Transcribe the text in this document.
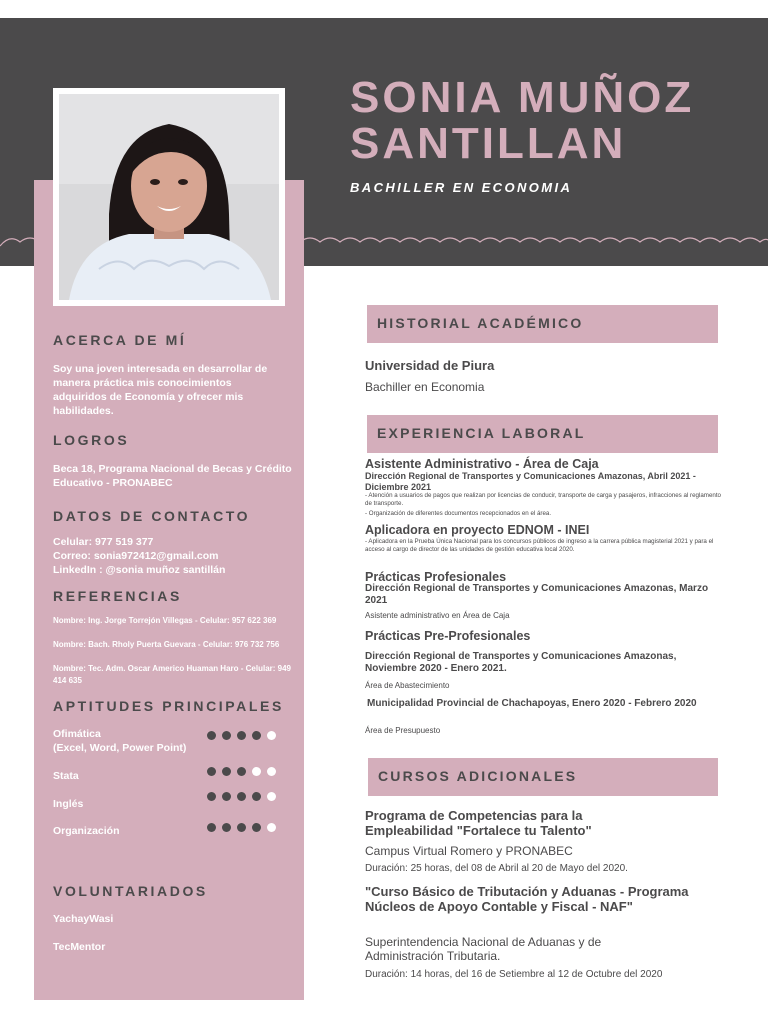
SONIA MUÑOZ
SANTILLAN
BACHILLER EN ECONOMIA
ACERCA DE MÍ
Soy una joven interesada en desarrollar de manera práctica mis conocimientos adquiridos de Economía y ofrecer mis habilidades.
LOGROS
Beca 18, Programa Nacional de Becas y Crédito Educativo - PRONABEC
DATOS DE CONTACTO
Celular: 977 519 377
Correo: sonia972412@gmail.com
LinkedIn : @sonia muñoz santillán
REFERENCIAS
Nombre: Ing. Jorge Torrejón Villegas - Celular: 957 622 369
Nombre: Bach. Rholy Puerta Guevara - Celular: 976 732 756
Nombre: Tec. Adm. Oscar Americo Huaman Haro - Celular: 949 414 635
APTITUDES PRINCIPALES
Ofimática
(Excel, Word, Power Point)
Stata
Inglés
Organización
VOLUNTARIADOS
YachayWasi
TecMentor
HISTORIAL ACADÉMICO
Universidad de Piura
Bachiller en Economia
EXPERIENCIA LABORAL
Asistente Administrativo - Área de Caja
Dirección Regional de Transportes y Comunicaciones Amazonas, Abril 2021 - Diciembre 2021
- Atención a usuarios de pagos que realizan por licencias de conducir, transporte de carga y pasajeros, infracciones al reglamento de transporte.
- Organización de diferentes documentos recepcionados en el área.
Aplicadora en proyecto EDNOM - INEI
- Aplicadora en la Prueba Única Nacional para los concursos públicos de ingreso a la carrera pública magisterial 2021 y para el acceso al cargo de director de las unidades de gestión educativa local 2020.
Prácticas Profesionales
Dirección Regional de Transportes y Comunicaciones Amazonas, Marzo 2021
Asistente administrativo en Área de Caja
Prácticas Pre-Profesionales
Dirección Regional de Transportes y Comunicaciones Amazonas, Noviembre 2020 - Enero 2021.
Área de Abastecimiento
Municipalidad Provincial de Chachapoyas, Enero 2020 - Febrero 2020
Área de Presupuesto
CURSOS ADICIONALES
Programa de Competencias para la Empleabilidad "Fortalece tu Talento"
Campus Virtual Romero y PRONABEC
Duración: 25 horas, del 08 de Abril al 20 de Mayo del 2020.
"Curso Básico de Tributación y Aduanas - Programa Núcleos de Apoyo Contable y Fiscal - NAF"
Superintendencia Nacional de Aduanas y de Administración Tributaria.
Duración: 14 horas, del 16 de Setiembre al 12 de Octubre del 2020
